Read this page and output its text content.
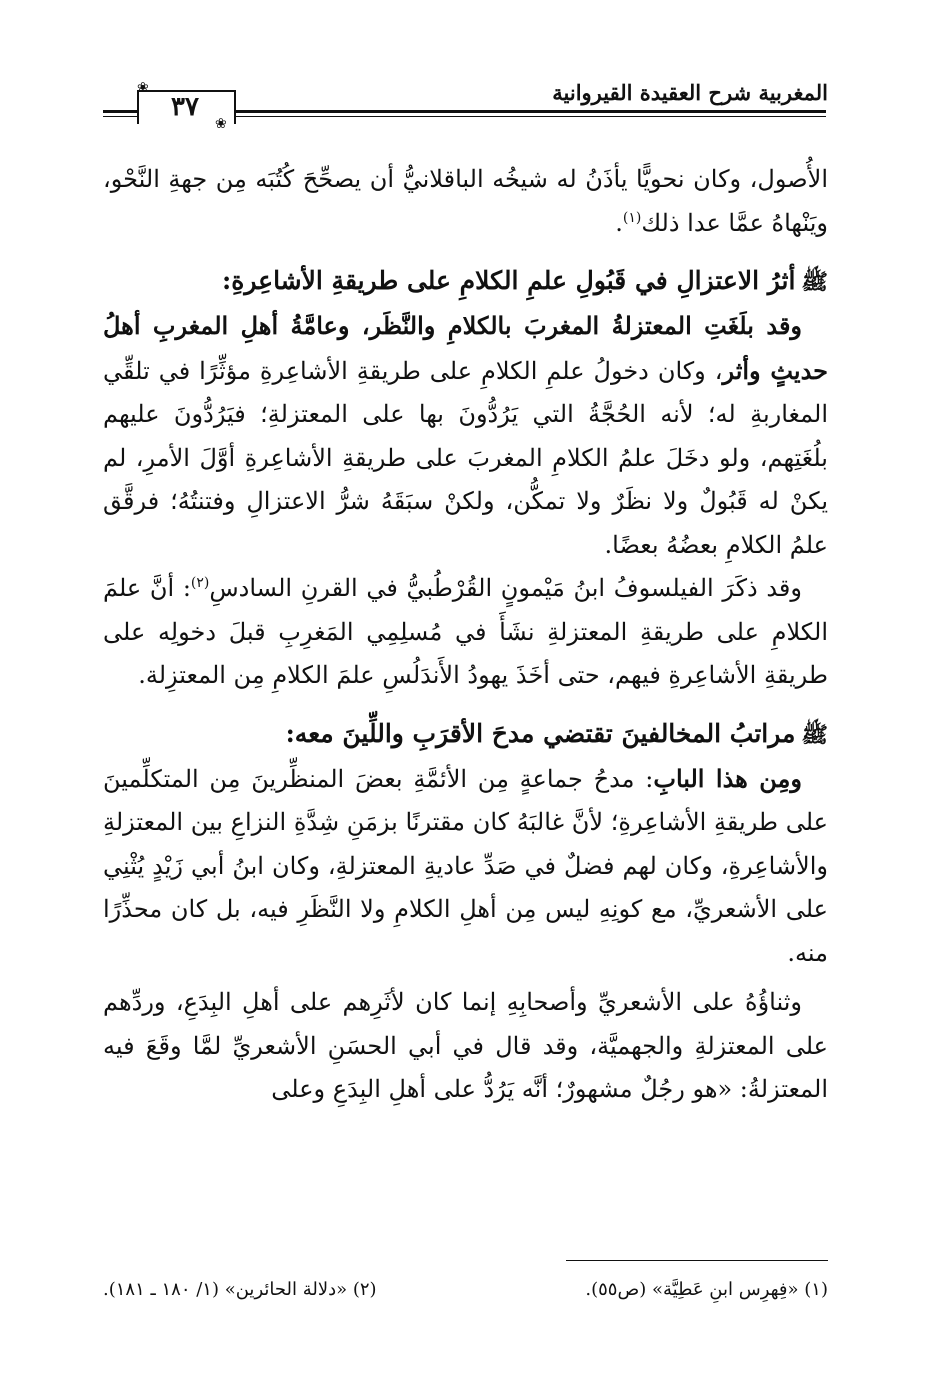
المغربية شرح العقيدة القيروانية
❀
❀
٣٧

الأُصول، وكان نحويًّا يأذَنُ له شيخُه الباقلانيُّ أن يصحِّحَ كُتُبَه مِن جهةِ النَّحْو، ويَنْهاهُ عمَّا عدا ذلك$^{(١)}$.

ﷺأثرُ الاعتزالِ في قَبُولِ علمِ الكلامِ على طريقةِ الأشاعِرةِ:

وقد بلَغَتِ المعتزلةُ المغربَ بالكلامِ والنَّظَر، وعامَّةُ أهلِ المغربِ أهلُ حديثٍ وأثر، وكان دخولُ علمِ الكلامِ على طريقةِ الأشاعِرةِ مؤثِّرًا في تلقِّي المغاربةِ له؛ لأنه الحُجَّةُ التي يَرُدُّونَ بها على المعتزلةِ؛ فيَرُدُّونَ عليهم بلُغَتِهم، ولو دخَلَ علمُ الكلامِ المغربَ على طريقةِ الأشاعِرةِ أوَّلَ الأمرِ، لم يكنْ له قَبُولٌ ولا نظَرٌ ولا تمكُّن، ولكنْ سبَقَهُ شرُّ الاعتزالِ وفتنتُهُ؛ فرقَّق علمُ الكلامِ بعضُهُ بعضًا.

وقد ذكَرَ الفيلسوفُ ابنُ مَيْمونٍ القُرْطُبيُّ في القرنِ السادسِ$^{(٢)}$: أنَّ علمَ الكلامِ على طريقةِ المعتزلةِ نشَأَ في مُسلِمِي المَغرِبِ قبلَ دخولِه على طريقةِ الأشاعِرةِ فيهم، حتى أخَذَ يهودُ الأَندَلُسِ علمَ الكلامِ مِن المعتزِلة.

ﷺمراتبُ المخالفينَ تقتضي مدحَ الأقرَبِ واللِّينَ معه:

ومِن هذا البابِ: مدحُ جماعةٍ مِن الأئمَّةِ بعضَ المنظِّرينَ مِن المتكلِّمينَ على طريقةِ الأشاعِرةِ؛ لأنَّ غالبَهُ كان مقترنًا بزمَنِ شِدَّةِ النزاعِ بين المعتزلةِ والأشاعِرةِ، وكان لهم فضلٌ في صَدِّ عاديةِ المعتزلةِ، وكان ابنُ أبي زَيْدٍ يُثْنِي على الأشعريِّ، مع كونِهِ ليس مِن أهلِ الكلامِ ولا النَّظَرِ فيه، بل كان محذِّرًا منه.

وثناؤُهُ على الأشعريِّ وأصحابِهِ إنما كان لأثَرِهم على أهلِ البِدَعِ، وردِّهم على المعتزلةِ والجهميَّة، وقد قال في أبي الحسَنِ الأشعريِّ لمَّا وقَعَ فيه المعتزلةُ: «هو رجُلٌ مشهورٌ؛ أنَّه يَرُدُّ على أهلِ البِدَعِ وعلى

(١) «فِهرِس ابنِ عَطِيَّة» (ص٥٥).
(٢) «دلالة الحائرين» (١/ ١٨٠ ـ ١٨١).
